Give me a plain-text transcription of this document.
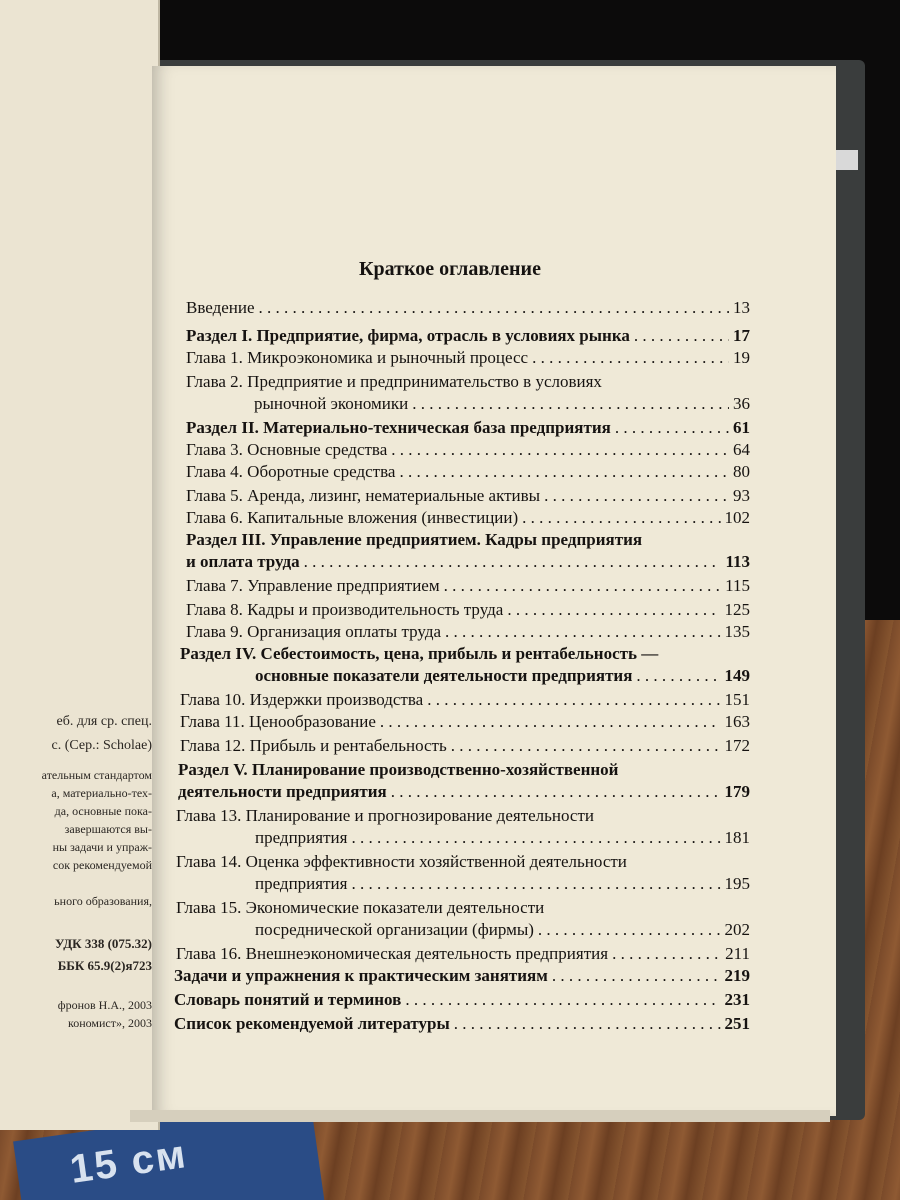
15 см
еб. для ср. спец.
с. (Сер.: Scholae)
ательным стандартом
а, материально-тех-
да, основные пока-
завершаются вы-
ны задачи и упраж-
сок рекомендуемой
ьного образования,
УДК 338 (075.32)
ББК 65.9(2)я723
фронов Н.А., 2003
кономист», 2003
Краткое оглавление
Введение . . .	13
Раздел I. Предприятие, фирма, отрасль в условиях рынка . . .	17
Глава 1. Микроэкономика и рыночный процесс . . .	19
Глава 2. Предприятие и предпринимательство в условиях
рыночной экономики . . .	36
Раздел II. Материально-техническая база предприятия . . .	61
Глава 3. Основные средства . . .	64
Глава 4. Оборотные средства . . .	80
Глава 5. Аренда, лизинг, нематериальные активы . . .	93
Глава 6. Капитальные вложения (инвестиции) . . .	102
Раздел III. Управление предприятием. Кадры предприятия
и оплата труда . . .	113
Глава 7. Управление предприятием . . .	115
Глава 8. Кадры и производительность труда . . .	125
Глава 9. Организация оплаты труда . . .	135
Раздел IV. Себестоимость, цена, прибыль и рентабельность —
основные показатели деятельности предприятия . . .	149
Глава 10. Издержки производства . . .	151
Глава 11. Ценообразование . . .	163
Глава 12. Прибыль и рентабельность . . .	172
Раздел V. Планирование производственно-хозяйственной
деятельности предприятия . . .	179
Глава 13. Планирование и прогнозирование деятельности
предприятия . . .	181
Глава 14. Оценка эффективности хозяйственной деятельности
предприятия . . .	195
Глава 15. Экономические показатели деятельности
посреднической организации (фирмы) . . .	202
Глава 16. Внешнеэкономическая деятельность предприятия . . .	211
Задачи и упражнения к практическим занятиям . . .	219
Словарь понятий и терминов . . .	231
Список рекомендуемой литературы . . .	251
